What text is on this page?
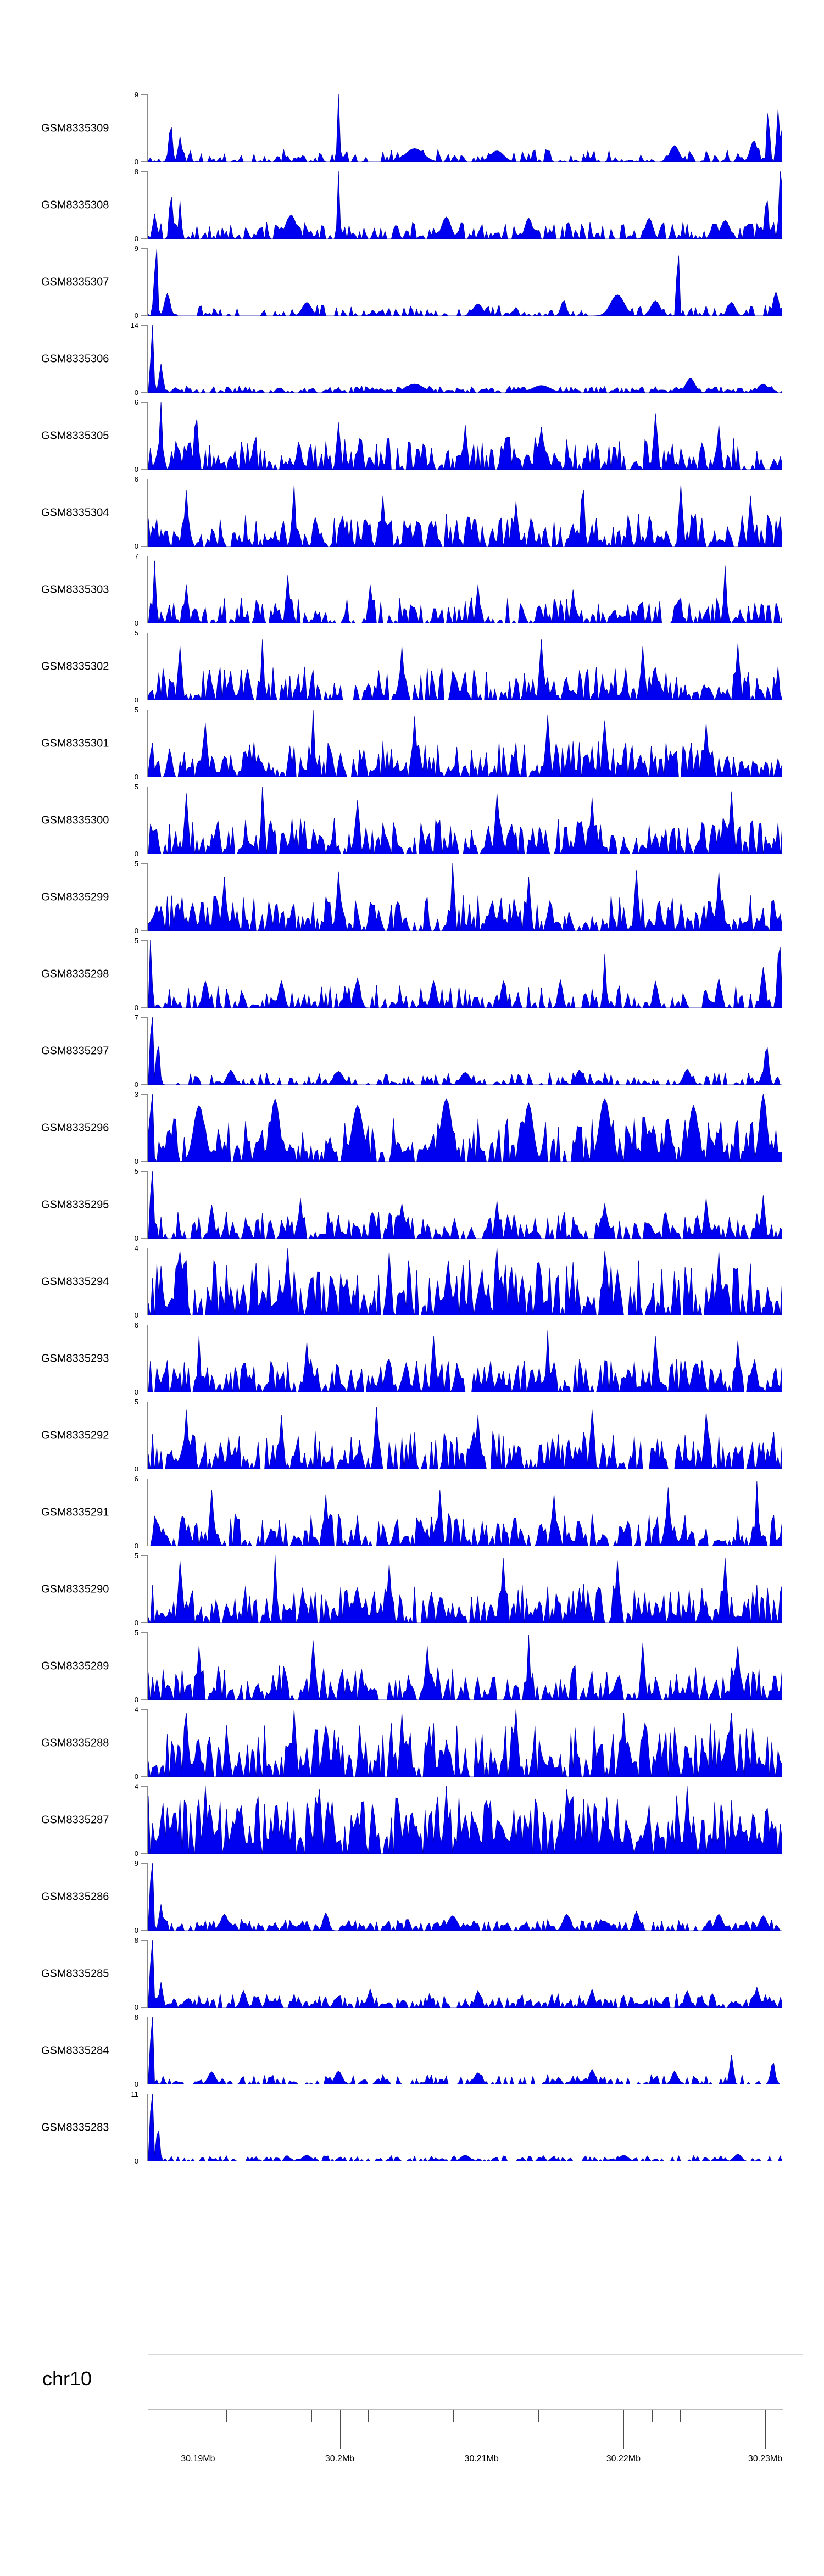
GSM8335309
9
0
GSM8335308
8
0
GSM8335307
9
0
GSM8335306
14
0
GSM8335305
6
0
GSM8335304
6
0
GSM8335303
7
0
GSM8335302
5
0
GSM8335301
5
0
GSM8335300
5
0
GSM8335299
5
0
GSM8335298
5
0
GSM8335297
7
0
GSM8335296
3
0
GSM8335295
5
0
GSM8335294
4
0
GSM8335293
6
0
GSM8335292
5
0
GSM8335291
6
0
GSM8335290
5
0
GSM8335289
5
0
GSM8335288
4
0
GSM8335287
4
0
GSM8335286
9
0
GSM8335285
8
0
GSM8335284
8
0
GSM8335283
11
0
chr10
30.19Mb	30.2Mb	30.21Mb	30.22Mb	30.23Mb
